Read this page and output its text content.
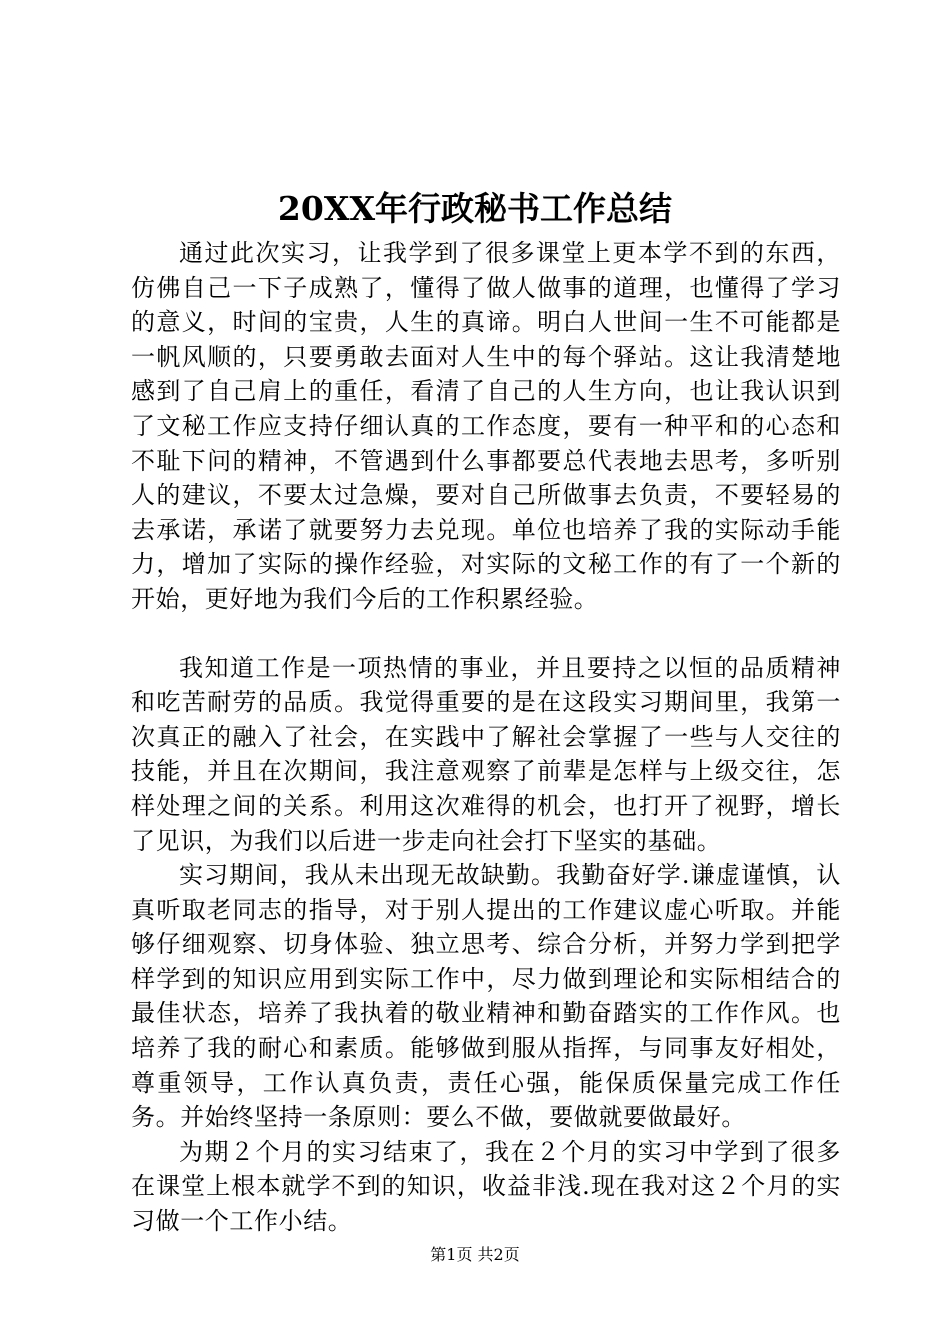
20XX年行政秘书工作总结

通过此次实习，让我学到了很多课堂上更本学不到的东西，仿佛自己一下子成熟了，懂得了做人做事的道理，也懂得了学习的意义，时间的宝贵，人生的真谛。明白人世间一生不可能都是一帆风顺的，只要勇敢去面对人生中的每个驿站。这让我清楚地感到了自己肩上的重任，看清了自己的人生方向，也让我认识到了文秘工作应支持仔细认真的工作态度，要有一种平和的心态和不耻下问的精神，不管遇到什么事都要总代表地去思考，多听别人的建议，不要太过急燥，要对自己所做事去负责，不要轻易的去承诺，承诺了就要努力去兑现。单位也培养了我的实际动手能力，增加了实际的操作经验，对实际的文秘工作的有了一个新的开始，更好地为我们今后的工作积累经验。

我知道工作是一项热情的事业，并且要持之以恒的品质精神和吃苦耐劳的品质。我觉得重要的是在这段实习期间里，我第一次真正的融入了社会，在实践中了解社会掌握了一些与人交往的技能，并且在次期间，我注意观察了前辈是怎样与上级交往，怎样处理之间的关系。利用这次难得的机会，也打开了视野，增长了见识，为我们以后进一步走向社会打下坚实的基础。

实习期间，我从未出现无故缺勤。我勤奋好学.谦虚谨慎，认真听取老同志的指导，对于别人提出的工作建议虚心听取。并能够仔细观察、切身体验、独立思考、综合分析，并努力学到把学样学到的知识应用到实际工作中，尽力做到理论和实际相结合的最佳状态，培养了我执着的敬业精神和勤奋踏实的工作作风。也培养了我的耐心和素质。能够做到服从指挥，与同事友好相处，尊重领导，工作认真负责，责任心强，能保质保量完成工作任务。并始终坚持一条原则：要么不做，要做就要做最好。

为期２个月的实习结束了，我在２个月的实习中学到了很多在课堂上根本就学不到的知识，收益非浅.现在我对这２个月的实习做一个工作小结。

第1页 共2页
